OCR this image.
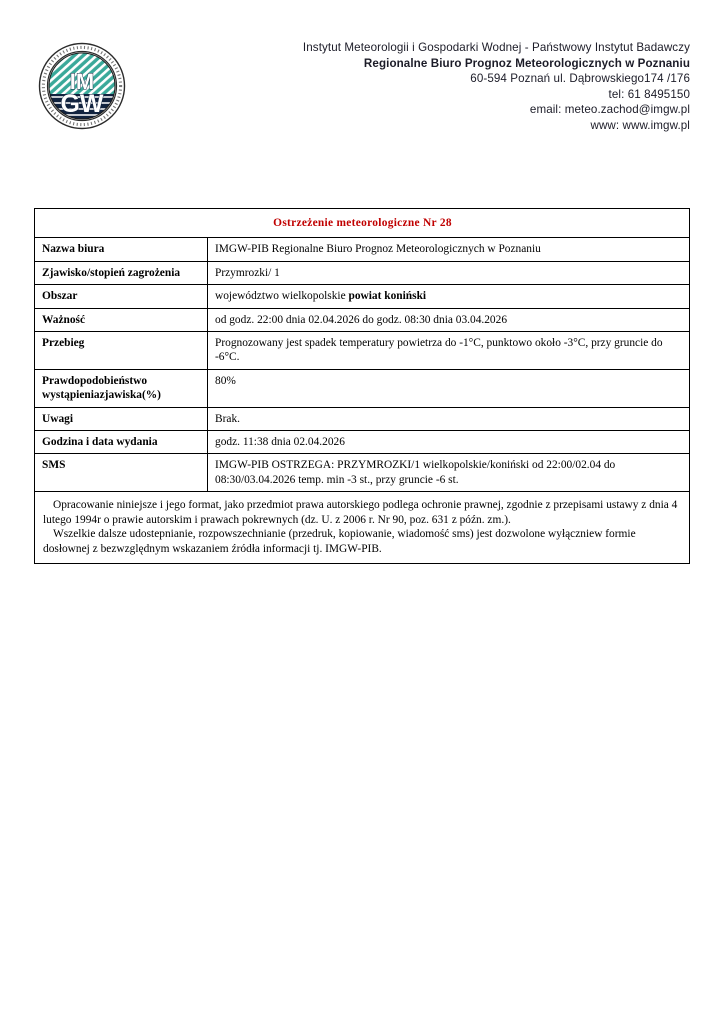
IM
GW
Instytut Meteorologii i Gospodarki Wodnej - Państwowy Instytut Badawczy
Regionalne Biuro Prognoz Meteorologicznych w Poznaniu
60-594 Poznań ul. Dąbrowskiego174 /176
tel: 61 8495150
email: meteo.zachod@imgw.pl
www: www.imgw.pl
Ostrzeżenie meteorologiczne Nr 28	
Nazwa biura	IMGW-PIB Regionalne Biuro Prognoz Meteorologicznych w Poznaniu
Zjawisko/stopień zagrożenia	Przymrozki/ 1
Obszar	województwo wielkopolskie powiat koniński
Ważność	od godz. 22:00 dnia 02.04.2026 do godz. 08:30 dnia 03.04.2026
Przebieg	Prognozowany jest spadek temperatury powietrza do -1°C, punktowo około -3°C, przy gruncie do -6°C.
Prawdopodobieństwo wystąpieniazjawiska(%)	80%
Uwagi	Brak.
Godzina i data wydania	godz. 11:38 dnia 02.04.2026
SMS	IMGW-PIB OSTRZEGA: PRZYMROZKI/1 wielkopolskie/koniński od 22:00/02.04 do 08:30/03.04.2026 temp. min -3 st., przy gruncie -6 st.

Opracowanie niniejsze i jego format, jako przedmiot prawa autorskiego podlega ochronie prawnej, zgodnie z przepisami ustawy z dnia 4 lutego 1994r o prawie autorskim i prawach pokrewnych (dz. U. z 2006 r. Nr 90, poz. 631 z późn. zm.).

Wszelkie dalsze udostepnianie, rozpowszechnianie (przedruk, kopiowanie, wiadomość sms) jest dozwolone wyłączniew formie dosłownej z bezwzględnym wskazaniem źródła informacji tj. IMGW-PIB.	
